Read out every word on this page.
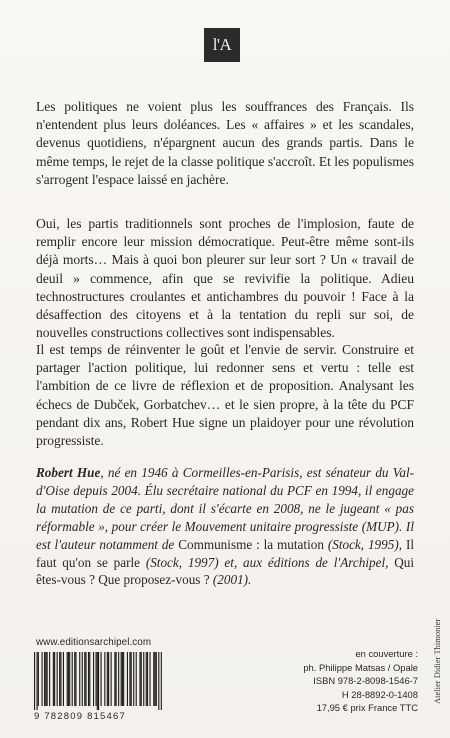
l'A

Les politiques ne voient plus les souffrances des Français. Ils n'entendent plus leurs doléances. Les « affaires » et les scandales, devenus quotidiens, n'épargnent aucun des grands partis. Dans le même temps, le rejet de la classe politique s'accroît. Et les populismes s'arrogent l'espace laissé en jachère.

Oui, les partis traditionnels sont proches de l'implosion, faute de remplir encore leur mission démocratique. Peut-être même sont-ils déjà morts… Mais à quoi bon pleurer sur leur sort ? Un « travail de deuil » commence, afin que se revivifie la politique. Adieu technostructures croulantes et antichambres du pouvoir ! Face à la désaffection des citoyens et à la tentation du repli sur soi, de nouvelles constructions collectives sont indispensables.

Il est temps de réinventer le goût et l'envie de servir. Construire et partager l'action politique, lui redonner sens et vertu : telle est l'ambition de ce livre de réflexion et de proposition. Analysant les échecs de Dubček, Gorbatchev… et le sien propre, à la tête du PCF pendant dix ans, Robert Hue signe un plaidoyer pour une révolution progressiste.

Robert Hue, né en 1946 à Cormeilles-en-Parisis, est sénateur du Val-d'Oise depuis 2004. Élu secrétaire national du PCF en 1994, il engage la mutation de ce parti, dont il s'écarte en 2008, ne le jugeant « pas réformable », pour créer le Mouvement unitaire progressiste (MUP). Il est l'auteur notamment de Communisme : la mutation (Stock, 1995), Il faut qu'on se parle (Stock, 1997) et, aux éditions de l'Archipel, Qui êtes-vous ? Que proposez-vous ? (2001).

www.editionsarchipel.com
9 782809 815467
en couverture :
ph. Philippe Matsas / Opale
ISBN 978-2-8098-1546-7
H 28-8892-0-1408
17,95 € prix France TTC
Atelier Didier Thimonier
